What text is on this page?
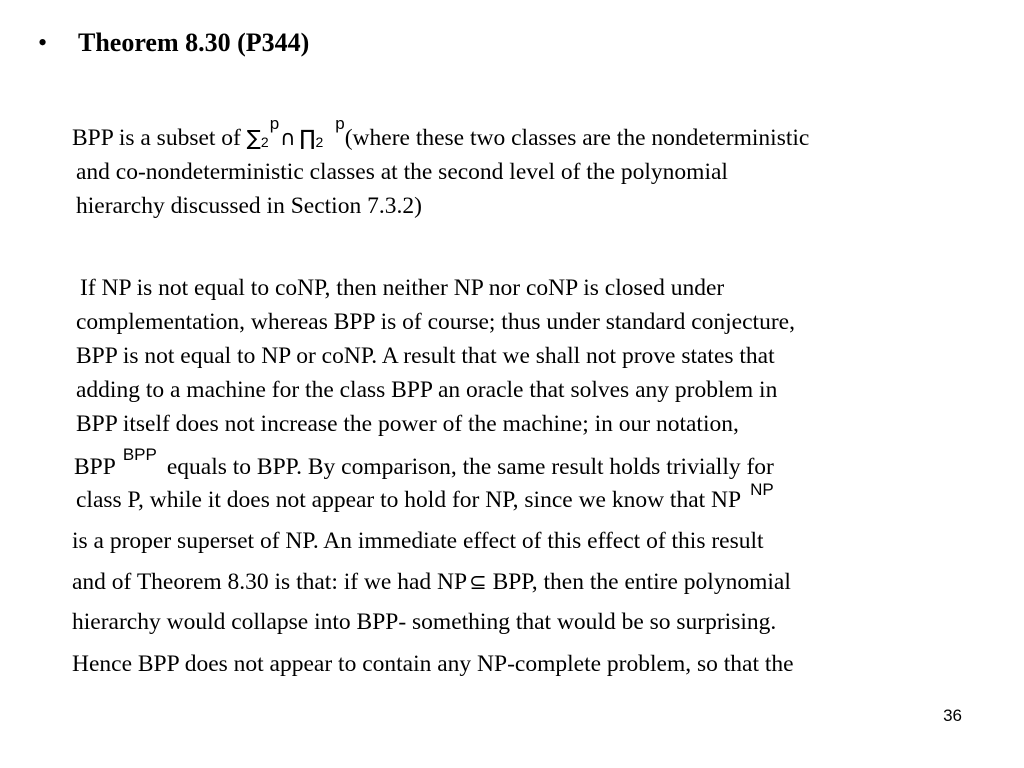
• Theorem 8.30 (P344)
BPP is a subset of ∑2$^p$∩ ∏2$^p$(where these two classes are the nondeterministic
and co-nondeterministic classes at the second level of the polynomial
hierarchy discussed in Section 7.3.2)
If NP is not equal to coNP, then neither NP nor coNP is closed under
complementation, whereas BPP is of course; thus under standard conjecture,
BPP is not equal to NP or coNP. A result that we shall not prove states that
adding to a machine for the class BPP an oracle that solves any problem in
BPP itself does not increase the power of the machine; in our notation,
BPP $^{BPP}$ equals to BPP. By comparison, the same result holds trivially for
class P, while it does not appear to hold for NP, since we know that NP $^{NP}$
is a proper superset of NP. An immediate effect of this effect of this result
and of Theorem 8.30 is that: if we had NP⊆ BPP, then the entire polynomial
hierarchy would collapse into BPP- something that would be so surprising.
Hence BPP does not appear to contain any NP-complete problem, so that the
36
